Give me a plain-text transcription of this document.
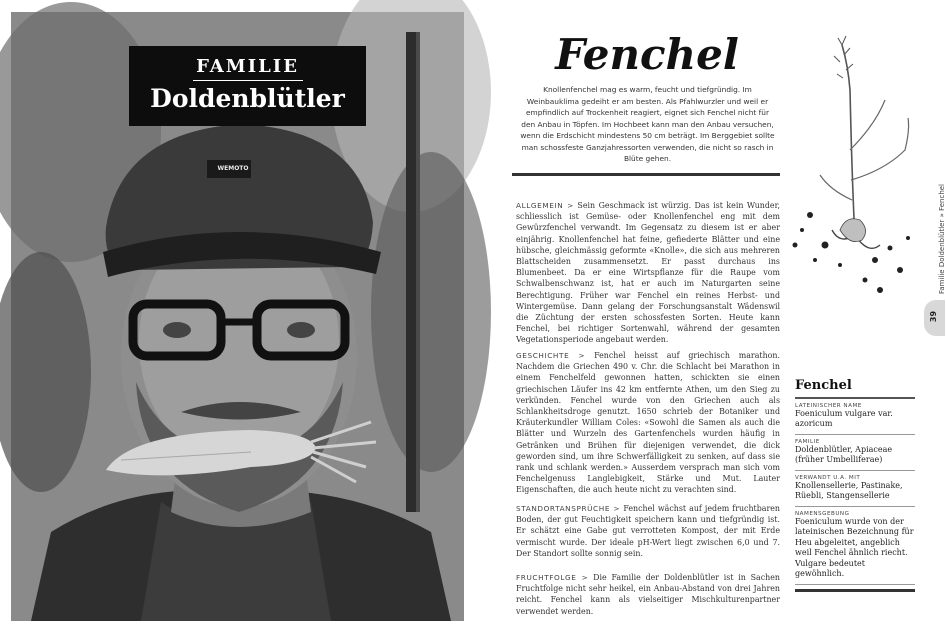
FAMILIE
Doldenblütler
WEMOTO
Fenchel
Knollenfenchel mag es warm, feucht und tiefgründig. Im Weinbauklima gedeiht er am besten. Als Pfahlwurzler und weil er empfindlich auf Trockenheit reagiert, eignet sich Fenchel nicht für den Anbau in Töpfen. Im Hochbeet kann man den Anbau versuchen, wenn die Erdschicht mindestens 50 cm beträgt. Im Berggebiet sollte man schossfeste Ganzjahressorten verwenden, die nicht so rasch in Blüte gehen.

ALLGEMEIN > Sein Geschmack ist würzig. Das ist kein Wunder, schliesslich ist Gemüse- oder Knollenfenchel eng mit dem Gewürzfenchel verwandt. Im Gegensatz zu diesem ist er aber einjährig. Knollenfenchel hat feine, gefiederte Blätter und eine hübsche, gleichmässig geformte «Knolle», die sich aus mehreren Blattscheiden zusammensetzt. Er passt durchaus ins Blumenbeet. Da er eine Wirtspflanze für die Raupe vom Schwalbenschwanz ist, hat er auch im Naturgarten seine Berechtigung. Früher war Fenchel ein reines Herbst- und Wintergemüse. Dann gelang der Forschungsanstalt Wädenswil die Züchtung der ersten schossfesten Sorten. Heute kann Fenchel, bei richtiger Sortenwahl, während der gesamten Vegetationsperiode angebaut werden.

GESCHICHTE > Fenchel heisst auf griechisch marathon. Nachdem die Griechen 490 v. Chr. die Schlacht bei Marathon in einem Fenchelfeld gewonnen hatten, schickten sie einen griechischen Läufer ins 42 km entfernte Athen, um den Sieg zu verkünden. Fenchel wurde von den Griechen auch als Schlankheitsdroge genutzt. 1650 schrieb der Botaniker und Kräuterkundler William Coles: «Sowohl die Samen als auch die Blätter und Wurzeln des Gartenfenchels wurden häufig in Getränken und Brühen für diejenigen verwendet, die dick geworden sind, um ihre Schwerfälligkeit zu senken, auf dass sie rank und schlank werden.» Ausserdem versprach man sich vom Fenchelgenuss Langlebigkeit, Stärke und Mut. Lauter Eigenschaften, die auch heute nicht zu verachten sind.

STANDORTANSPRÜCHE > Fenchel wächst auf jedem fruchtbaren Boden, der gut Feuchtigkeit speichern kann und tiefgründig ist. Er schätzt eine Gabe gut verrotteten Kompost, der mit Erde vermischt wurde. Der ideale pH-Wert liegt zwischen 6,0 und 7. Der Standort sollte sonnig sein.

FRUCHTFOLGE > Die Familie der Doldenblütler ist in Sachen Fruchtfolge nicht sehr heikel, ein Anbau-Abstand von drei Jahren reicht. Fenchel kann als vielseitiger Mischkulturenpartner verwendet werden.

Familie Doldenblütler » Fenchel
39
Fenchel
LATEINISCHER NAME
Foeniculum vulgare var. azoricum
FAMILIE
Doldenblütler, Apiaceae (früher Umbelliferae)
VERWANDT U.A. MIT
Knollensellerie, Pastinake, Rüebli, Stangensellerie
NAMENSGEBUNG
Foeniculum wurde von der lateinischen Bezeichnung für Heu abgeleitet, angeblich weil Fenchel ähnlich riecht. Vulgare bedeutet gewöhnlich.
